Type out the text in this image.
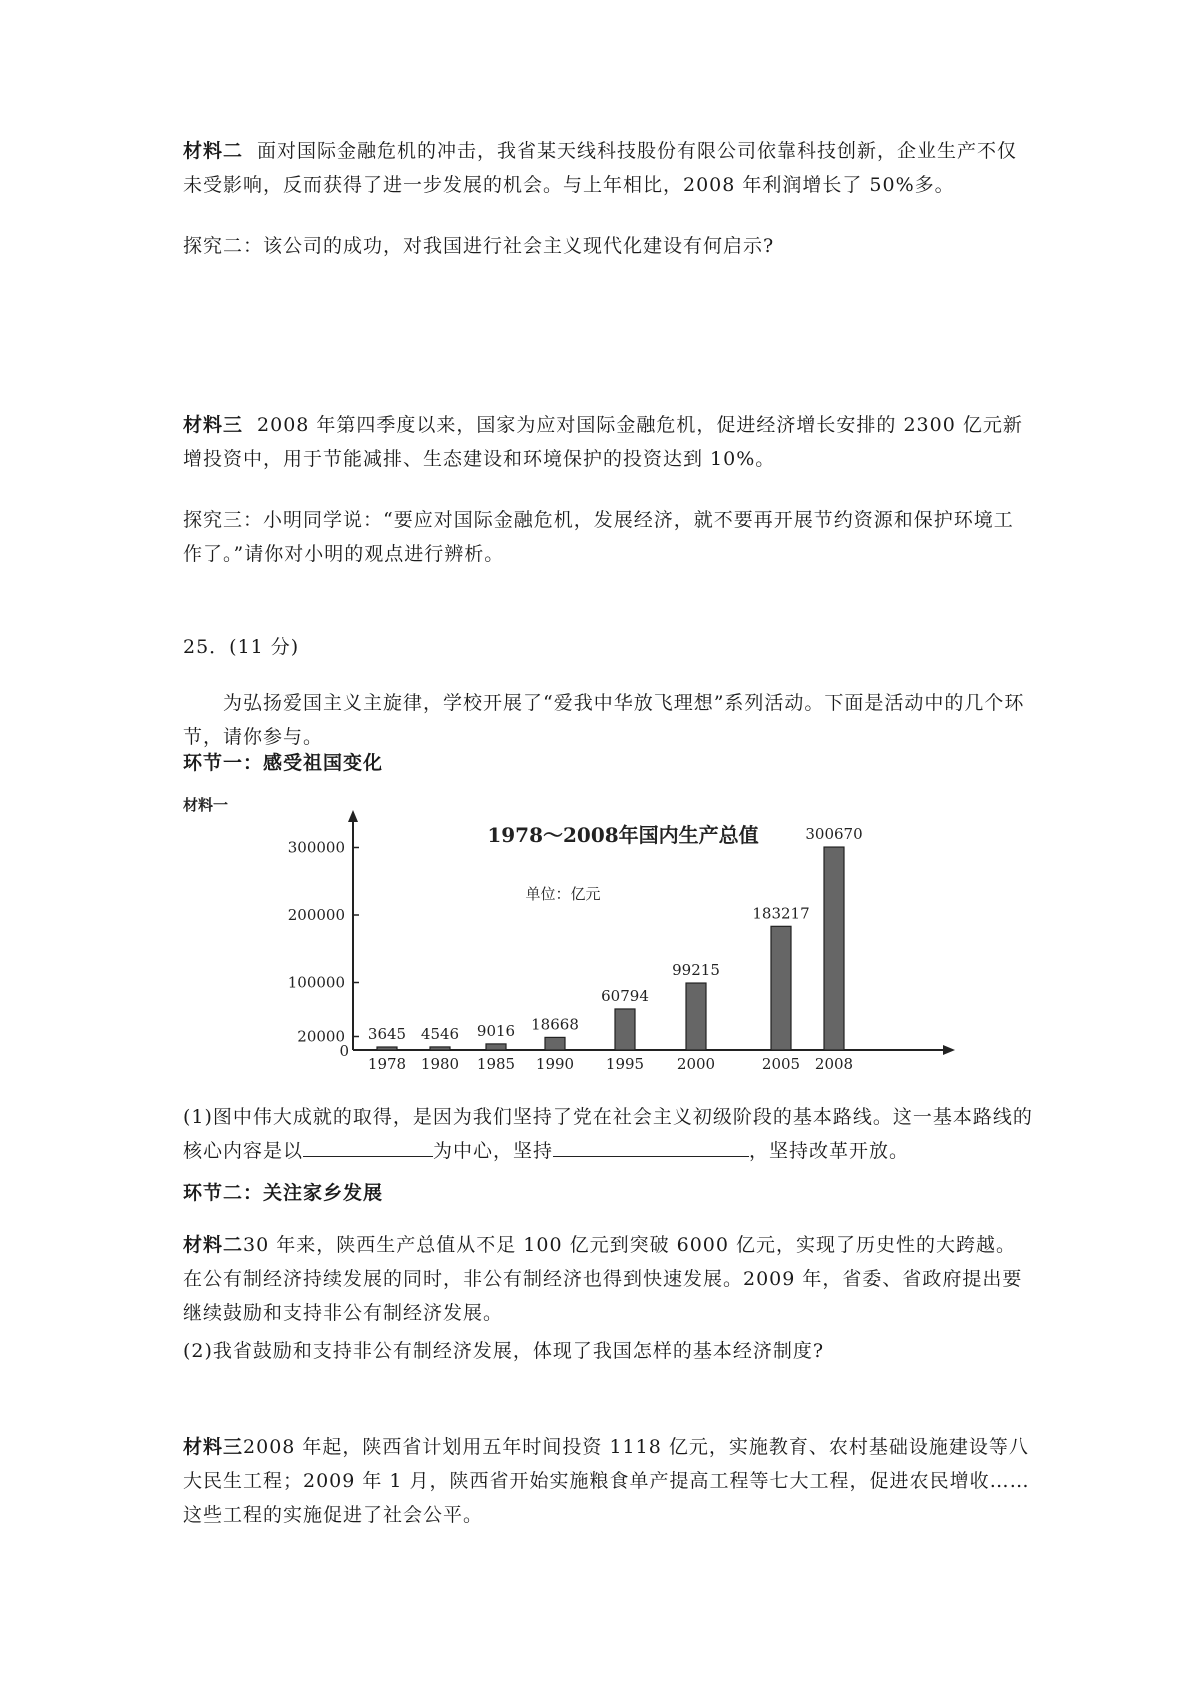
材料二 面对国际金融危机的冲击，我省某天线科技股份有限公司依靠科技创新，企业生产不仅未受影响，反而获得了进一步发展的机会。与上年相比，2008 年利润增长了 50%多。
探究二：该公司的成功，对我国进行社会主义现代化建设有何启示?
材料三 2008 年第四季度以来，国家为应对国际金融危机，促进经济增长安排的 2300 亿元新增投资中，用于节能减排、生态建设和环境保护的投资达到 10%。
探究三：小明同学说：“要应对国际金融危机，发展经济，就不要再开展节约资源和保护环境工作了。”请你对小明的观点进行辨析。
25．(11 分)
为弘扬爱国主义主旋律，学校开展了“爱我中华放飞理想”系列活动。下面是活动中的几个环节，请你参与。
环节一：感受祖国变化
材料一
1978～2008年国内生产总值
单位：亿元
0
20000
100000
200000
300000
3645
1978
4546
1980
9016
1985
18668
1990
60794
1995
99215
2000
183217
2005
300670
2008
(1)图中伟大成就的取得，是因为我们坚持了党在社会主义初级阶段的基本路线。这一基本路线的核心内容是以	为中心，坚持	，坚持改革开放。
环节二：关注家乡发展
材料二30 年来，陕西生产总值从不足 100 亿元到突破 6000 亿元，实现了历史性的大跨越。在公有制经济持续发展的同时，非公有制经济也得到快速发展。2009 年，省委、省政府提出要继续鼓励和支持非公有制经济发展。
(2)我省鼓励和支持非公有制经济发展，体现了我国怎样的基本经济制度?
材料三2008 年起，陕西省计划用五年时间投资 1118 亿元，实施教育、农村基础设施建设等八大民生工程；2009 年 1 月，陕西省开始实施粮食单产提高工程等七大工程，促进农民增收……这些工程的实施促进了社会公平。
